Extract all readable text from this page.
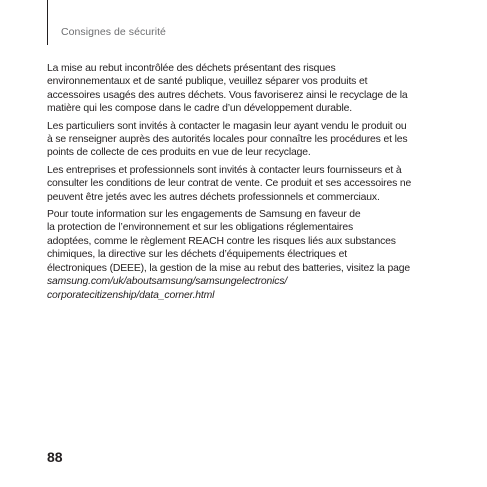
Consignes de sécurité

La mise au rebut incontrôlée des déchets présentant des risques
environnementaux et de santé publique, veuillez séparer vos produits et
accessoires usagés des autres déchets. Vous favoriserez ainsi le recyclage de la
matière qui les compose dans le cadre d’un développement durable.

Les particuliers sont invités à contacter le magasin leur ayant vendu le produit ou
à se renseigner auprès des autorités locales pour connaître les procédures et les
points de collecte de ces produits en vue de leur recyclage.

Les entreprises et professionnels sont invités à contacter leurs fournisseurs et à
consulter les conditions de leur contrat de vente. Ce produit et ses accessoires ne
peuvent être jetés avec les autres déchets professionnels et commerciaux.

Pour toute information sur les engagements de Samsung en faveur de
la protection de l’environnement et sur les obligations réglementaires
adoptées, comme le règlement REACH contre les risques liés aux substances
chimiques, la directive sur les déchets d’équipements électriques et
électroniques (DEEE), la gestion de la mise au rebut des batteries, visitez la page
samsung.com/uk/aboutsamsung/samsungelectronics/
corporatecitizenship/data_corner.html

88
